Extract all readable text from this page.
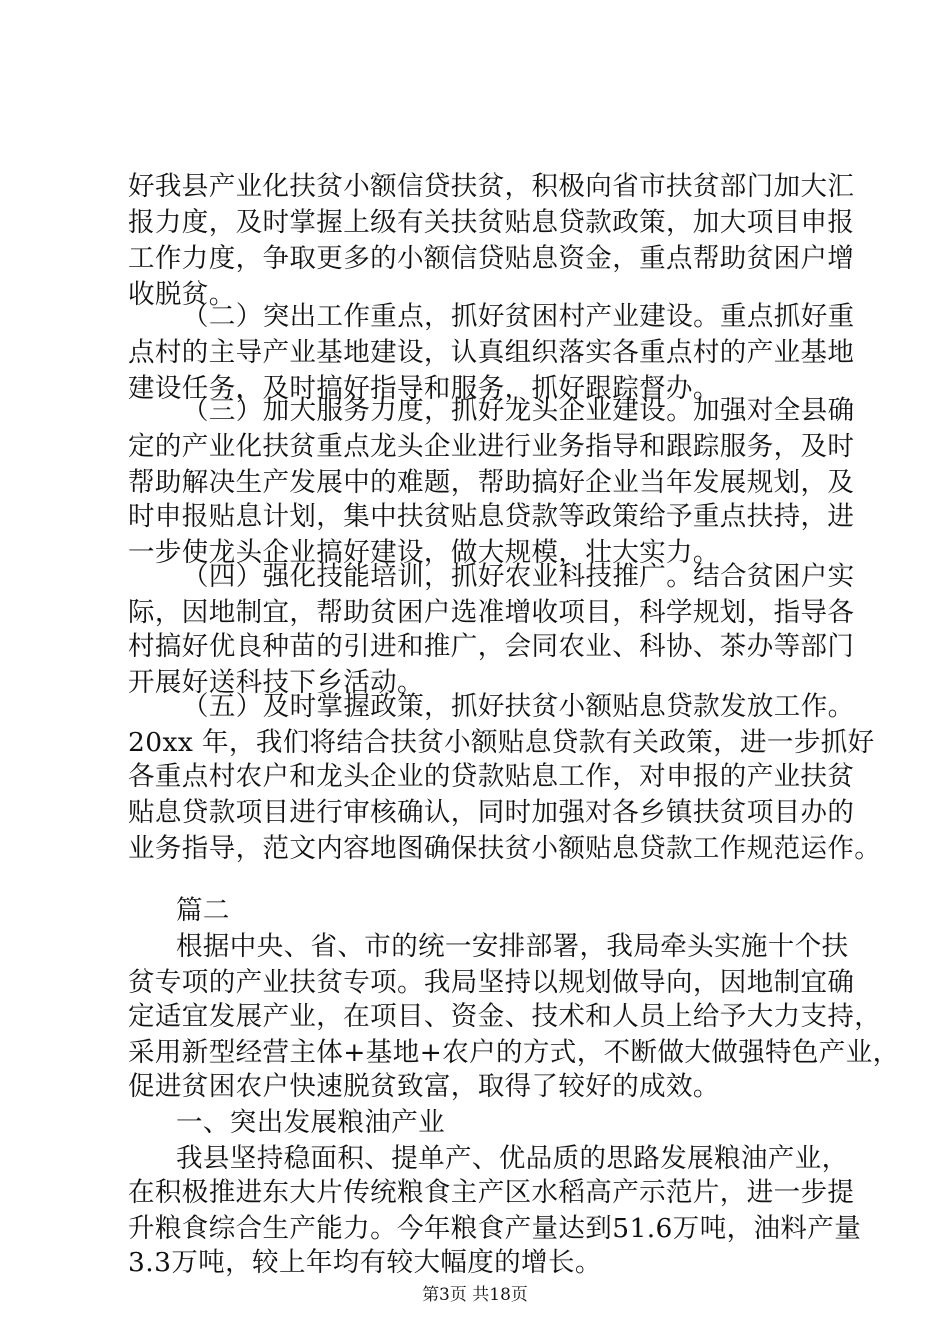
好我县产业化扶贫小额信贷扶贫，积极向省市扶贫部门加大汇
报力度，及时掌握上级有关扶贫贴息贷款政策，加大项目申报
工作力度，争取更多的小额信贷贴息资金，重点帮助贫困户增
收脱贫。
（二）突出工作重点，抓好贫困村产业建设。重点抓好重
点村的主导产业基地建设，认真组织落实各重点村的产业基地
建设任务，及时搞好指导和服务，抓好跟踪督办。
（三）加大服务力度，抓好龙头企业建设。加强对全县确
定的产业化扶贫重点龙头企业进行业务指导和跟踪服务，及时
帮助解决生产发展中的难题，帮助搞好企业当年发展规划，及
时申报贴息计划，集中扶贫贴息贷款等政策给予重点扶持，进
一步使龙头企业搞好建设，做大规模，壮大实力。
（四）强化技能培训，抓好农业科技推广。结合贫困户实
际，因地制宜，帮助贫困户选准增收项目，科学规划，指导各
村搞好优良种苗的引进和推广，会同农业、科协、茶办等部门
开展好送科技下乡活动。
（五）及时掌握政策，抓好扶贫小额贴息贷款发放工作。
20xx 年，我们将结合扶贫小额贴息贷款有关政策，进一步抓好
各重点村农户和龙头企业的贷款贴息工作，对申报的产业扶贫
贴息贷款项目进行审核确认，同时加强对各乡镇扶贫项目办的
业务指导，范文内容地图确保扶贫小额贴息贷款工作规范运作。
篇二
根据中央、省、市的统一安排部署，我局牵头实施十个扶
贫专项的产业扶贫专项。我局坚持以规划做导向，因地制宜确
定适宜发展产业，在项目、资金、技术和人员上给予大力支持，
采用新型经营主体+基地+农户的方式，不断做大做强特色产业，
促进贫困农户快速脱贫致富，取得了较好的成效。
一、突出发展粮油产业
我县坚持稳面积、提单产、优品质的思路发展粮油产业，
在积极推进东大片传统粮食主产区水稻高产示范片，进一步提
升粮食综合生产能力。今年粮食产量达到51.6万吨，油料产量
3.3万吨，较上年均有较大幅度的增长。
第3页 共18页
